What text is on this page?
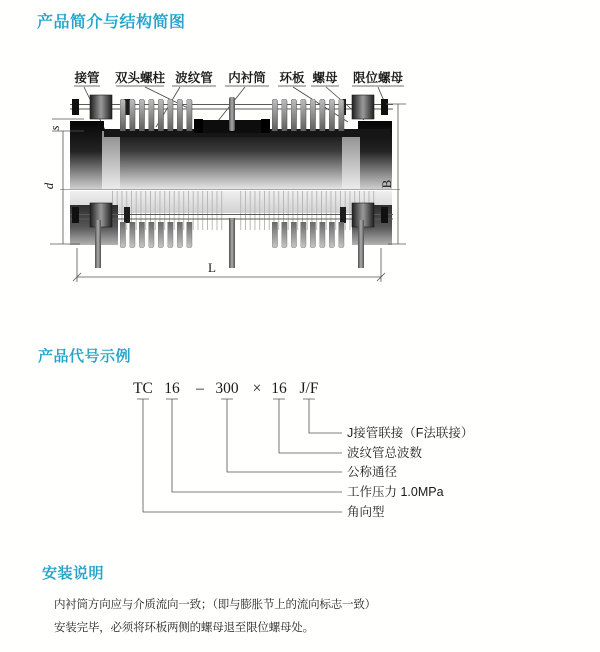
产品简介与结构简图
接管 双头螺柱 波纹管 内衬筒 环板 螺母 限位螺母
s
d	B
L
TC 16 – 300 × 16 J/F
J接管联接（F法联接）
波纹管总波数
公称通径
工作压力 1.0MPa
角向型
产品代号示例
安装说明
内衬筒方向应与介质流向一致；（即与膨胀节上的流向标志一致）
安装完毕，必须将环板两侧的螺母退至限位螺母处。
